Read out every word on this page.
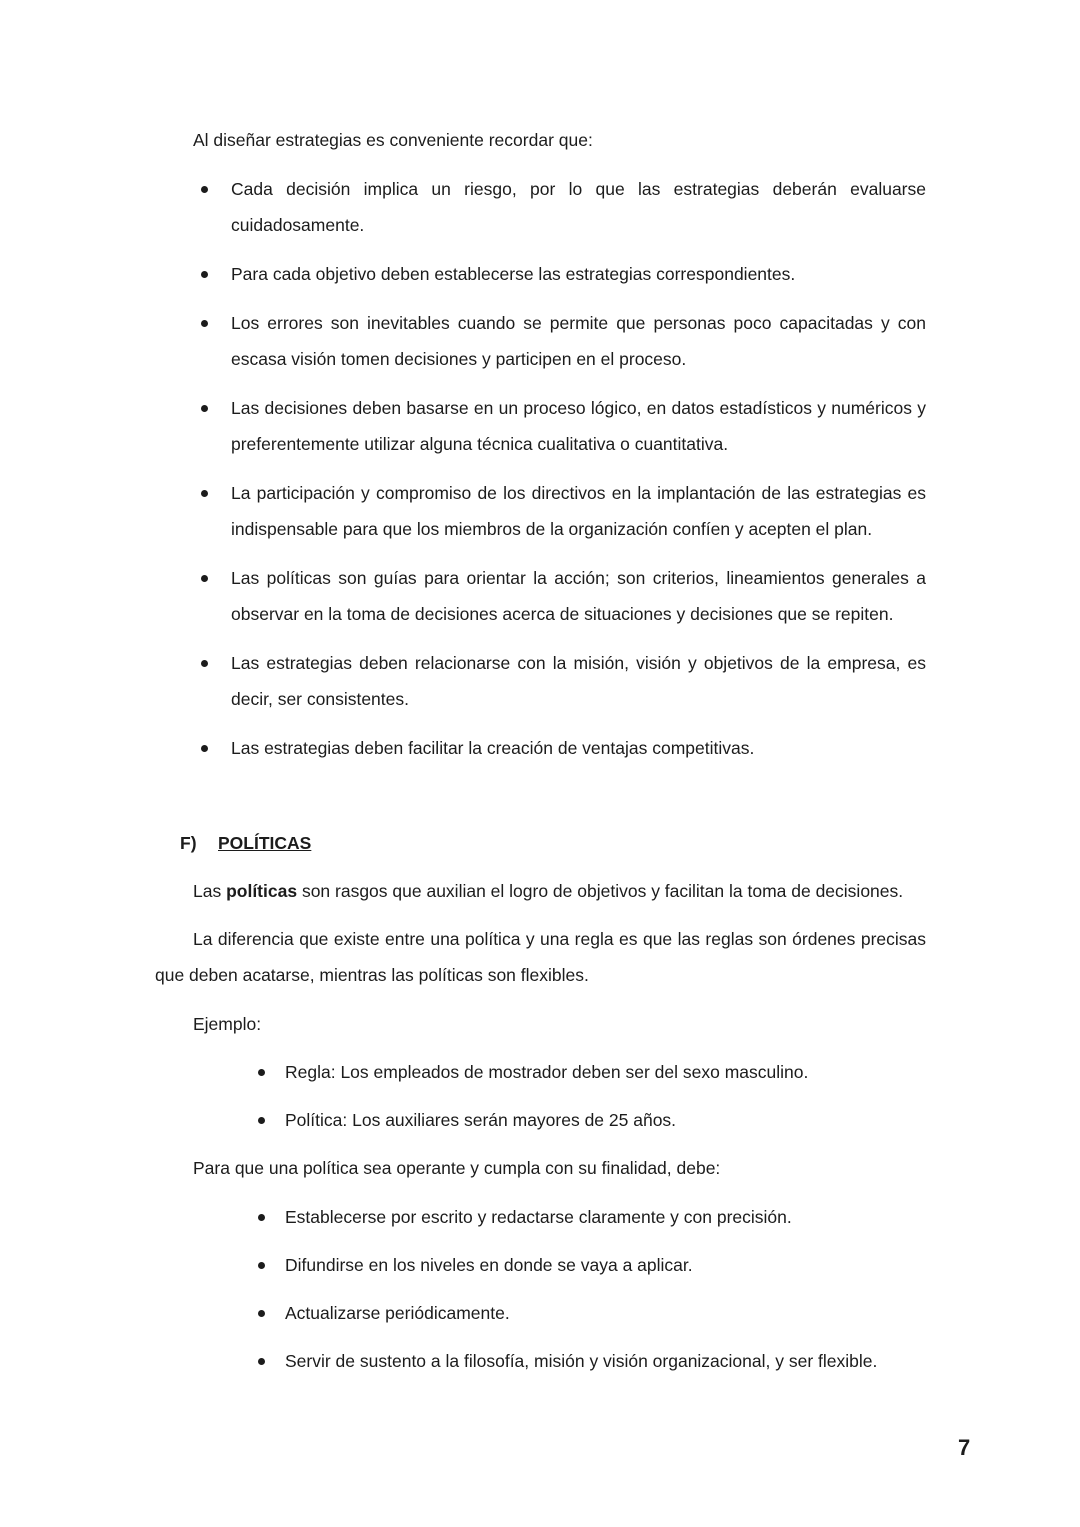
Al diseñar estrategias es conveniente recordar que:

Cada decisión implica un riesgo, por lo que las estrategias deberán evaluarse cuidadosamente.
Para cada objetivo deben establecerse las estrategias correspondientes.
Los errores son inevitables cuando se permite que personas poco capacitadas y con escasa visión tomen decisiones y participen en el proceso.
Las decisiones deben basarse en un proceso lógico, en datos estadísticos y numéricos y preferentemente utilizar alguna técnica cualitativa o cuantitativa.
La participación y compromiso de los directivos en la implantación de las estrategias es indispensable para que los miembros de la organización confíen y acepten el plan.
Las políticas son guías para orientar la acción; son criterios, lineamientos generales a observar en la toma de decisiones acerca de situaciones y decisiones que se repiten.
Las estrategias deben relacionarse con la misión, visión y objetivos de la empresa, es decir, ser consistentes.
Las estrategias deben facilitar la creación de ventajas competitivas.
F) POLÍTICAS

Las políticas son rasgos que auxilian el logro de objetivos y facilitan la toma de decisiones.

La diferencia que existe entre una política y una regla es que las reglas son órdenes precisas que deben acatarse, mientras las políticas son flexibles.

Ejemplo:

Regla: Los empleados de mostrador deben ser del sexo masculino.
Política: Los auxiliares serán mayores de 25 años.

Para que una política sea operante y cumpla con su finalidad, debe:

Establecerse por escrito y redactarse claramente y con precisión.
Difundirse en los niveles en donde se vaya a aplicar.
Actualizarse periódicamente.
Servir de sustento a la filosofía, misión y visión organizacional, y ser flexible.
7
